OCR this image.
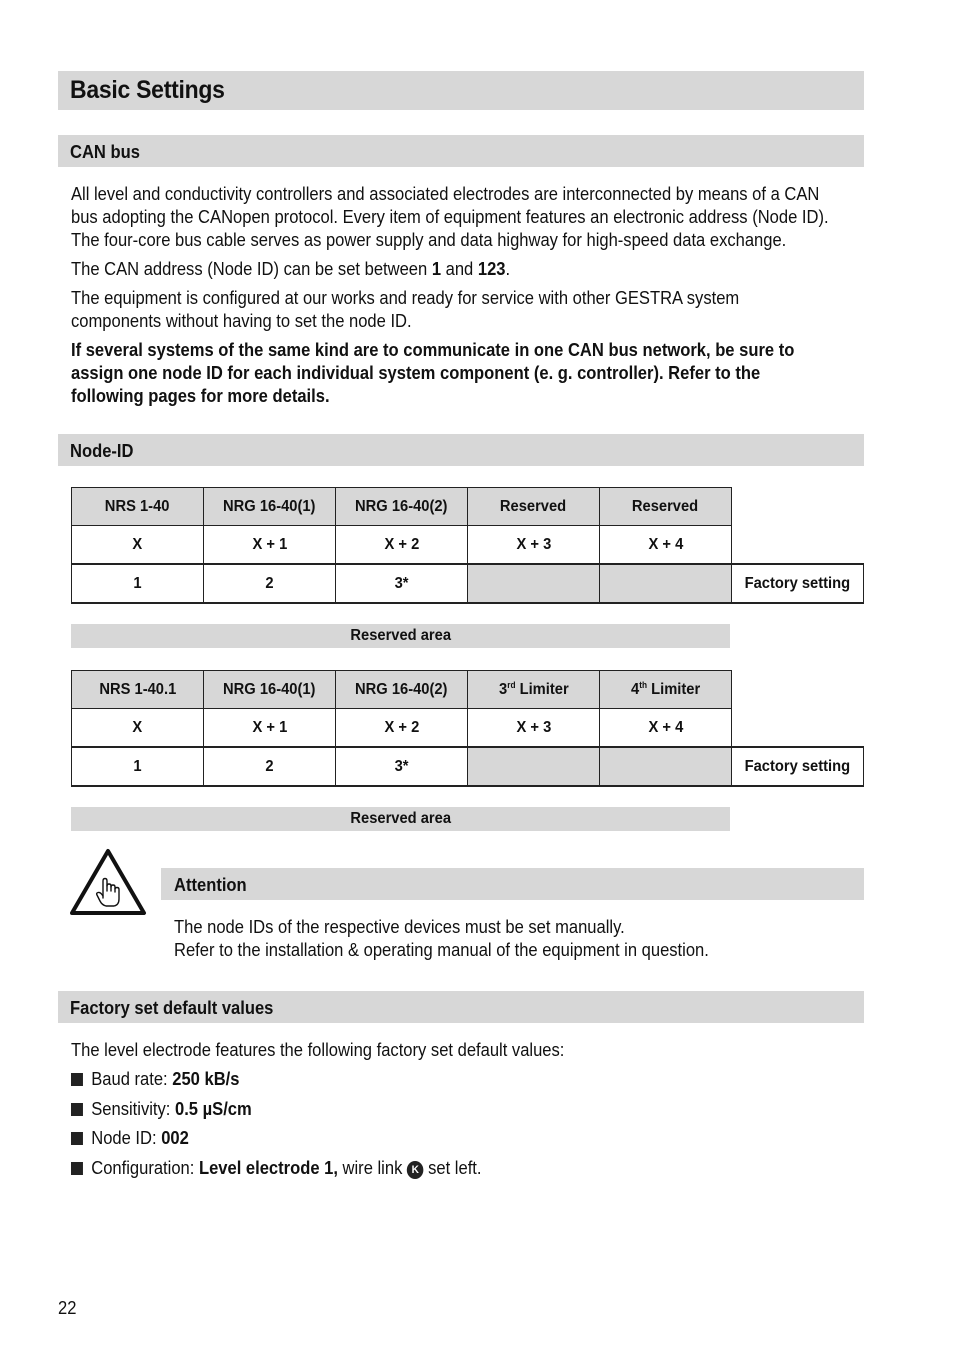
Basic Settings
CAN bus

All level and conductivity controllers and associated electrodes are interconnected by means of a CAN

bus adopting the CANopen protocol. Every item of equipment features an electronic address (Node ID).

The four-core bus cable serves as power supply and data highway for high-speed data exchange.

The CAN address (Node ID) can be set between 1 and 123.

The equipment is configured at our works and ready for service with other GESTRA system

components without having to set the node ID.

If several systems of the same kind are to communicate in one CAN bus network, be sure to

assign one node ID for each individual system component (e. g. controller). Refer to the

following pages for more details.

Node-ID
NRS 1-40	NRG 16-40(1)	NRG 16-40(2)	Reserved	Reserved	
X	X + 1	X + 2	X + 3	X + 4	
1	2	3*			Factory setting
Reserved area
NRS 1-40.1	NRG 16-40(1)	NRG 16-40(2)	3rd Limiter	4th Limiter	
X	X + 1	X + 2	X + 3	X + 4	
1	2	3*			Factory setting
Reserved area
Attention

The node IDs of the respective devices must be set manually.

Refer to the installation & operating manual of the equipment in question.

Factory set default values

The level electrode features the following factory set default values:

Baud rate: 250 kB/s
Sensitivity: 0.5 µS/cm
Node ID: 002
Configuration: Level electrode 1, wire link K set left.
22
